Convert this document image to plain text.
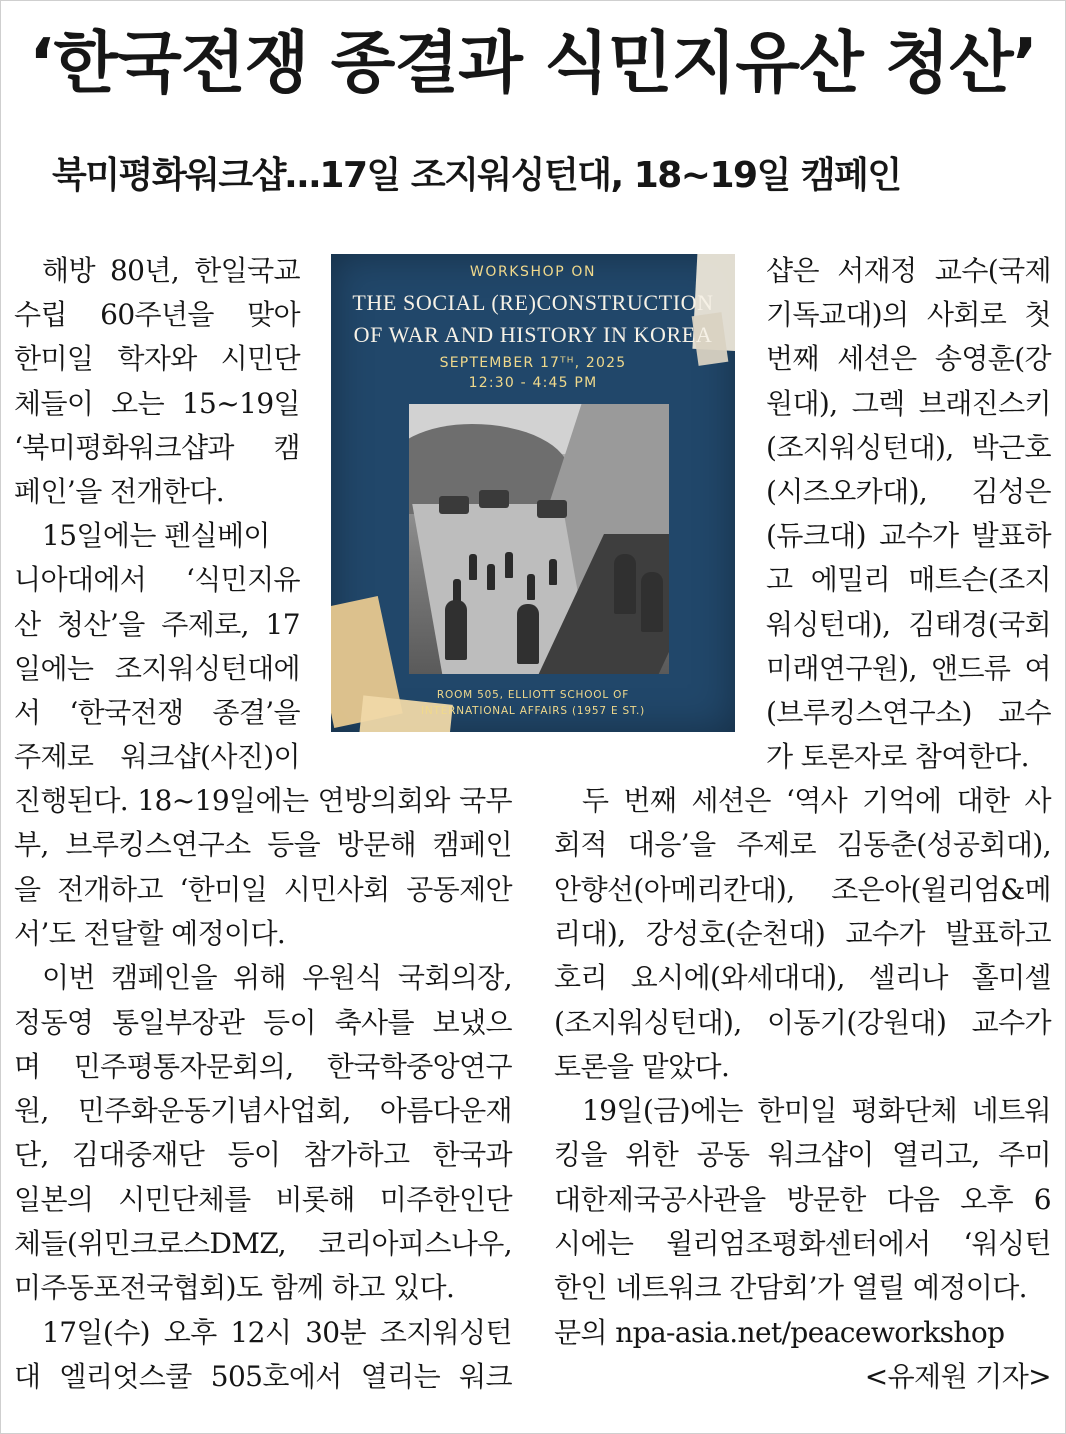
‘한국전쟁 종결과 식민지유산 청산’
북미평화워크샵…17일 조지워싱턴대, 18~19일 캠페인
해방 80년, 한일국교
수립 60주년을 맞아
한미일 학자와 시민단
체들이 오는 15~19일
‘북미평화워크샵과 캠
페인’을 전개한다.
15일에는 펜실베이
니아대에서 ‘식민지유
산 청산’을 주제로, 17
일에는 조지워싱턴대에
서 ‘한국전쟁 종결’을
주제로 워크샵(사진)이
진행된다. 18~19일에는 연방의회와 국무
부, 브루킹스연구소 등을 방문해 캠페인
을 전개하고 ‘한미일 시민사회 공동제안
서’도 전달할 예정이다.
이번 캠페인을 위해 우원식 국회의장,
정동영 통일부장관 등이 축사를 보냈으
며 민주평통자문회의, 한국학중앙연구
원, 민주화운동기념사업회, 아름다운재
단, 김대중재단 등이 참가하고 한국과
일본의 시민단체를 비롯해 미주한인단
체들(위민크로스DMZ, 코리아피스나우,
미주동포전국협회)도 함께 하고 있다.
17일(수) 오후 12시 30분 조지워싱턴
대 엘리엇스쿨 505호에서 열리는 워크
샵은 서재정 교수(국제
기독교대)의 사회로 첫
번째 세션은 송영훈(강
원대), 그렉 브래진스키
(조지워싱턴대), 박근호
(시즈오카대), 김성은
(듀크대) 교수가 발표하
고 에밀리 매트슨(조지
워싱턴대), 김태경(국회
미래연구원), 앤드류 여
(브루킹스연구소) 교수
가 토론자로 참여한다.
두 번째 세션은 ‘역사 기억에 대한 사
회적 대응’을 주제로 김동춘(성공회대),
안향선(아메리칸대), 조은아(윌리엄&메
리대), 강성호(순천대) 교수가 발표하고
호리 요시에(와세대대), 셀리나 홀미셀
(조지워싱턴대), 이동기(강원대) 교수가
토론을 맡았다.
19일(금)에는 한미일 평화단체 네트워
킹을 위한 공동 워크샵이 열리고, 주미
대한제국공사관을 방문한 다음 오후 6
시에는 윌리엄조평화센터에서 ‘워싱턴
한인 네트워크 간담회’가 열릴 예정이다.
문의 npa-asia.net/peaceworkshop
<유제원 기자>
WORKSHOP ON
THE SOCIAL (RE)CONSTRUCTION
OF WAR AND HISTORY IN KOREA
SEPTEMBER 17ᵀᴴ, 2025
12:30 - 4:45 PM
ROOM 505, ELLIOTT SCHOOL OF
INTERNATIONAL AFFAIRS (1957 E ST.)
